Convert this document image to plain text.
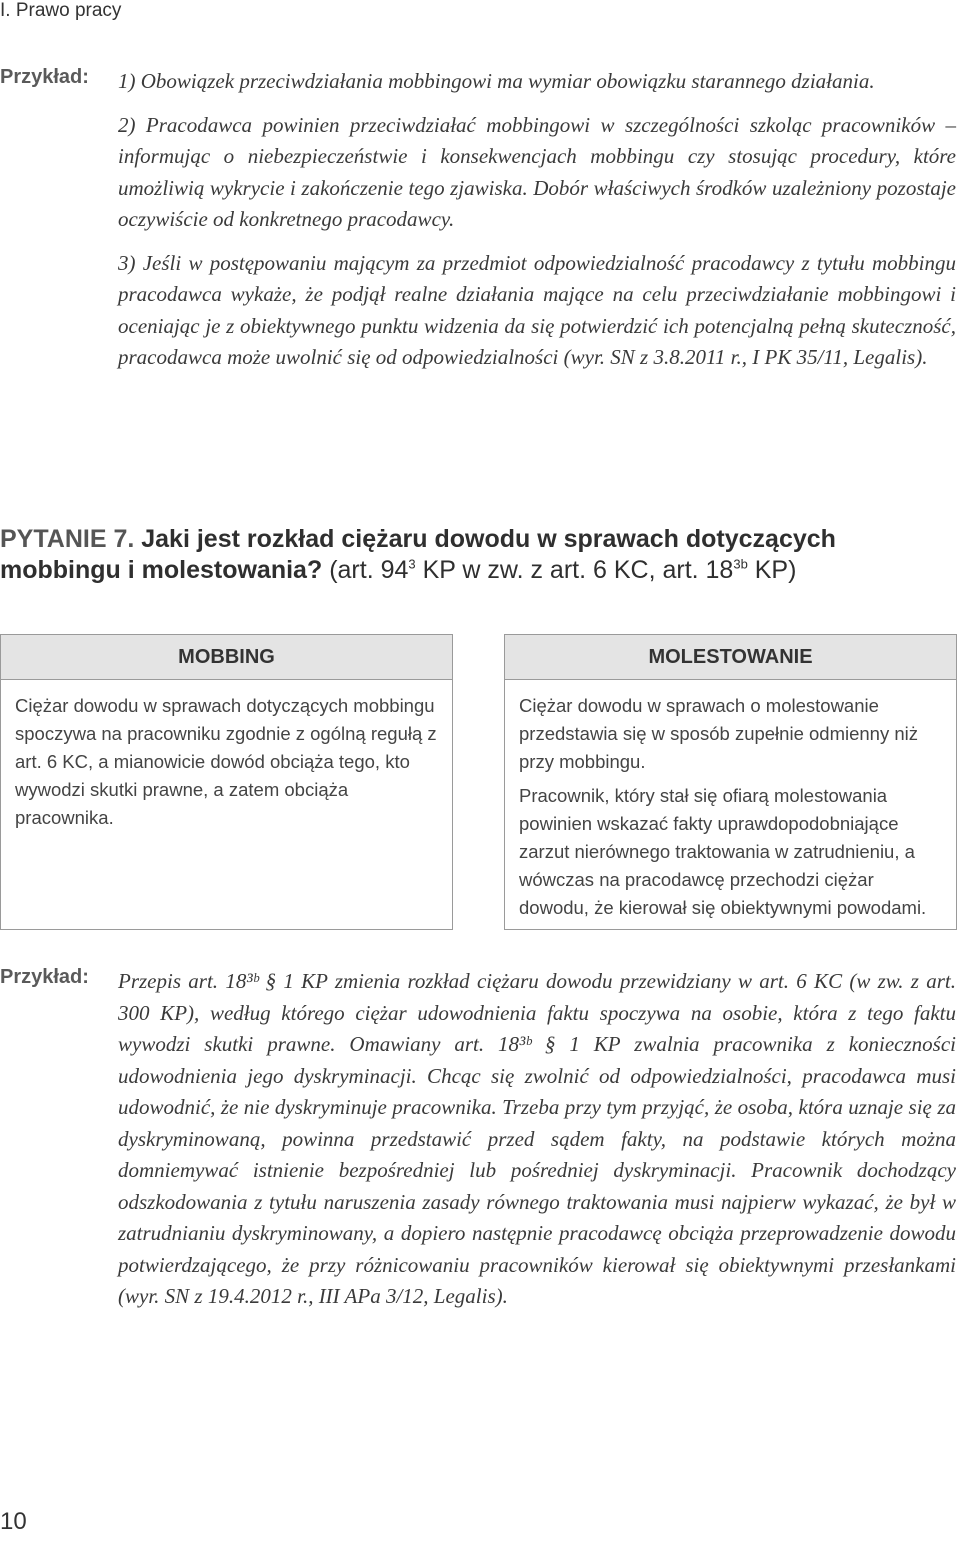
I. Prawo pracy
Przykład: 1) Obowiązek przeciwdziałania mobbingowi ma wymiar obowiązku starannego działania.

2) Pracodawca powinien przeciwdziałać mobbingowi w szczególności szkoląc pracowników – informując o niebezpieczeństwie i konsekwencjach mobbingu czy stosując procedury, które umożliwią wykrycie i zakończenie tego zjawiska. Dobór właściwych środków uzależniony pozostaje oczywiście od konkretnego pracodawcy.

3) Jeśli w postępowaniu mającym za przedmiot odpowiedzialność pracodawcy z tytułu mobbingu pracodawca wykaże, że podjął realne działania mające na celu przeciwdziałanie mobbingowi i oceniając je z obiektywnego punktu widzenia da się potwierdzić ich potencjalną pełną skuteczność, pracodawca może uwolnić się od odpowiedzialności (wyr. SN z 3.8.2011 r., I PK 35/11, Legalis).

PYTANIE 7. Jaki jest rozkład ciężaru dowodu w sprawach dotyczących mobbingu i molestowania? (art. $94^3$ KP w zw. z art. 6 KC, art. $18^{3b}$ KP)
MOBBING

Ciężar dowodu w sprawach dotyczących mobbingu spoczywa na pracowniku zgodnie z ogólną regułą z art. 6 KC, a mianowicie dowód obciąża tego, kto wywodzi skutki prawne, a zatem obciąża pracownika.

MOLESTOWANIE

Ciężar dowodu w sprawach o molestowanie przedstawia się w sposób zupełnie odmienny niż przy mobbingu.

Pracownik, który stał się ofiarą molestowania powinien wskazać fakty uprawdopodobniające zarzut nierównego traktowania w zatrudnieniu, a wówczas na pracodawcę przechodzi ciężar dowodu, że kierował się obiektywnymi powodami.

Przykład: Przepis art. 18³ᵇ § 1 KP zmienia rozkład ciężaru dowodu przewidziany w art. 6 KC (w zw. z art. 300 KP), według którego ciężar udowodnienia faktu spoczywa na osobie, która z tego faktu wywodzi skutki prawne. Omawiany art. 18³ᵇ § 1 KP zwalnia pracownika z konieczności udowodnienia jego dyskryminacji. Chcąc się zwolnić od odpowiedzialności, pracodawca musi udowodnić, że nie dyskryminuje pracownika. Trzeba przy tym przyjąć, że osoba, która uznaje się za dyskryminowaną, powinna przedstawić przed sądem fakty, na podstawie których można domniemywać istnienie bezpośredniej lub pośredniej dyskryminacji. Pracownik dochodzący odszkodowania z tytułu naruszenia zasady równego traktowania musi najpierw wykazać, że był w zatrudnianiu dyskryminowany, a dopiero następnie pracodawcę obciąża przeprowadzenie dowodu potwierdzającego, że przy różnicowaniu pracowników kierował się obiektywnymi przesłankami (wyr. SN z 19.4.2012 r., III APa 3/12, Legalis).

10
